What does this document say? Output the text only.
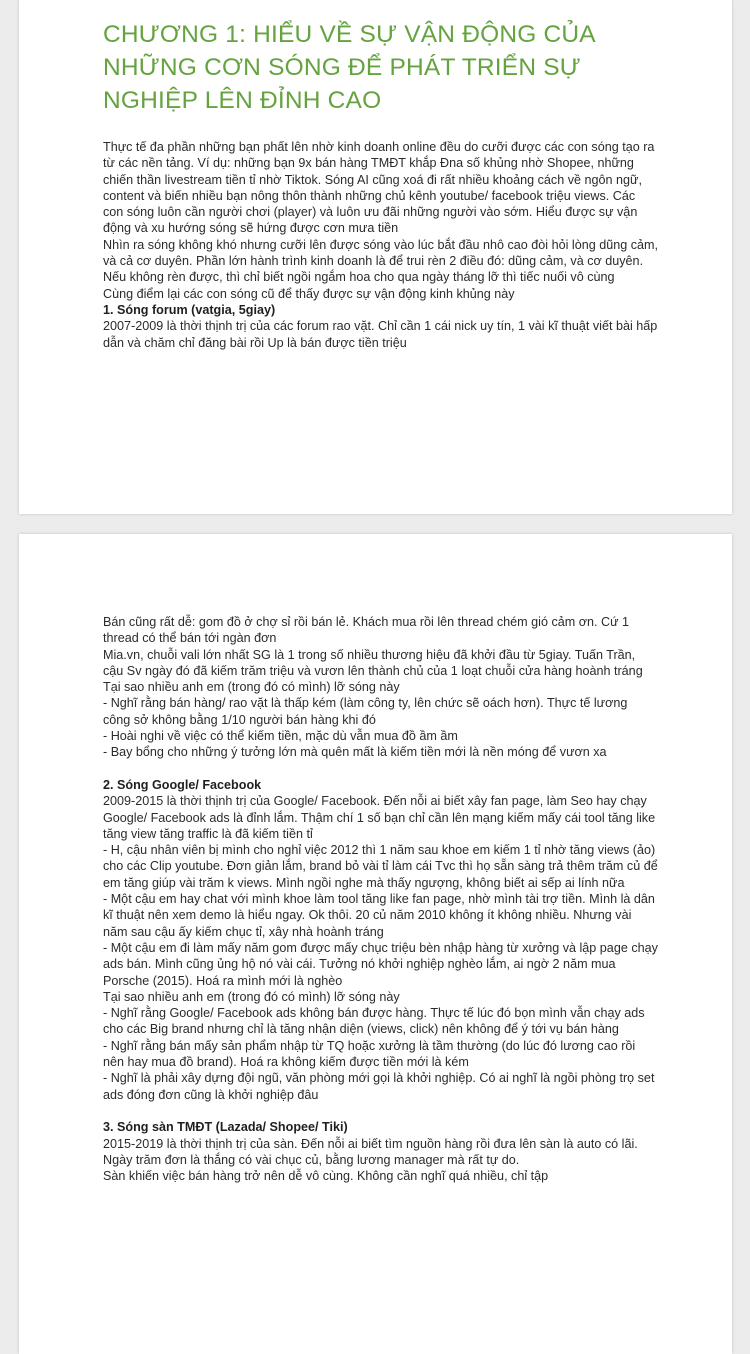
CHƯƠNG 1: HIỂU VỀ SỰ VẬN ĐỘNG CỦA NHỮNG CƠN SÓNG ĐỂ PHÁT TRIỂN SỰ NGHIỆP LÊN ĐỈNH CAO

Thực tế đa phần những bạn phất lên nhờ kinh doanh online đều do cưỡi được các con sóng tạo ra từ các nền tảng. Ví dụ: những bạn 9x bán hàng TMĐT khắp Đna số khủng nhờ Shopee, những chiến thần livestream tiền tỉ nhờ Tiktok. Sóng AI cũng xoá đi rất nhiều khoảng cách về ngôn ngữ, content và biến nhiều bạn nông thôn thành những chủ kênh youtube/ facebook triệu views. Các con sóng luôn cần người chơi (player) và luôn ưu đãi những người vào sớm. Hiểu được sự vận động và xu hướng sóng sẽ hứng được cơn mưa tiền

Nhìn ra sóng không khó nhưng cưỡi lên được sóng vào lúc bắt đầu nhô cao đòi hỏi lòng dũng cảm, và cả cơ duyên. Phần lớn hành trình kinh doanh là để trui rèn 2 điều đó: dũng cảm, và cơ duyên. Nếu không rèn được, thì chỉ biết ngồi ngắm hoa cho qua ngày tháng lỡ thì tiếc nuối vô cùng

Cùng điểm lại các con sóng cũ để thấy được sự vận động kinh khủng này

1. Sóng forum (vatgia, 5giay)

2007-2009 là thời thịnh trị của các forum rao vặt. Chỉ cần 1 cái nick uy tín, 1 vài kĩ thuật viết bài hấp dẫn và chăm chỉ đăng bài rồi Up là bán được tiền triệu

Bán cũng rất dễ: gom đồ ở chợ sỉ rồi bán lẻ. Khách mua rồi lên thread chém gió cảm ơn. Cứ 1 thread có thể bán tới ngàn đơn

Mia.vn, chuỗi vali lớn nhất SG là 1 trong số nhiều thương hiệu đã khởi đầu từ 5giay. Tuấn Trần, cậu Sv ngày đó đã kiếm trăm triệu và vươn lên thành chủ của 1 loạt chuỗi cửa hàng hoành tráng

Tại sao nhiều anh em (trong đó có mình) lỡ sóng này

- Nghĩ rằng bán hàng/ rao vặt là thấp kém (làm công ty, lên chức sẽ oách hơn). Thực tế lương công sở không bằng 1/10 người bán hàng khi đó

- Hoài nghi về việc có thể kiếm tiền, mặc dù vẫn mua đồ ầm ầm

- Bay bổng cho những ý tưởng lớn mà quên mất là kiếm tiền mới là nền móng để vươn xa

2. Sóng Google/ Facebook

2009-2015 là thời thịnh trị của Google/ Facebook. Đến nỗi ai biết xây fan page, làm Seo hay chạy Google/ Facebook ads là đỉnh lắm. Thậm chí 1 số bạn chỉ cần lên mạng kiếm mấy cái tool tăng like tăng view tăng traffic là đã kiếm tiền tỉ

- H, cậu nhân viên bị mình cho nghỉ việc 2012 thì 1 năm sau khoe em kiếm 1 tỉ nhờ tăng views (ảo) cho các Clip youtube. Đơn giản lắm, brand bỏ vài tỉ làm cái Tvc thì họ sẵn sàng trả thêm trăm củ để em tăng giúp vài trăm k views. Mình ngồi nghe mà thấy ngượng, không biết ai sếp ai lính nữa

- Một cậu em hay chat với mình khoe làm tool tăng like fan page, nhờ mình tài trợ tiền. Mình là dân kĩ thuật nên xem demo là hiểu ngay. Ok thôi. 20 củ năm 2010 không ít không nhiều. Nhưng vài năm sau cậu ấy kiếm chục tỉ, xây nhà hoành tráng

- Một cậu em đi làm mấy năm gom được mấy chục triệu bèn nhập hàng từ xưởng và lập page chạy ads bán. Mình cũng ủng hộ nó vài cái. Tưởng nó khởi nghiệp nghèo lắm, ai ngờ 2 năm mua Porsche (2015). Hoá ra mình mới là nghèo

Tại sao nhiều anh em (trong đó có mình) lỡ sóng này

- Nghĩ rằng Google/ Facebook ads không bán được hàng. Thực tế lúc đó bọn mình vẫn chạy ads cho các Big brand nhưng chỉ là tăng nhận diện (views, click) nên không để ý tới vụ bán hàng

- Nghĩ rằng bán mấy sản phẩm nhập từ TQ hoặc xưởng là tầm thường (do lúc đó lương cao rồi nên hay mua đồ brand). Hoá ra không kiếm được tiền mới là kém

- Nghĩ là phải xây dựng đội ngũ, văn phòng mới gọi là khởi nghiệp. Có ai nghĩ là ngồi phòng trọ set ads đóng đơn cũng là khởi nghiệp đâu

3. Sóng sàn TMĐT (Lazada/ Shopee/ Tiki)

2015-2019 là thời thịnh trị của sàn. Đến nỗi ai biết tìm nguồn hàng rồi đưa lên sàn là auto có lãi. Ngày trăm đơn là thắng có vài chục củ, bằng lương manager mà rất tự do.

Sàn khiến việc bán hàng trở nên dễ vô cùng. Không cần nghĩ quá nhiều, chỉ tập
